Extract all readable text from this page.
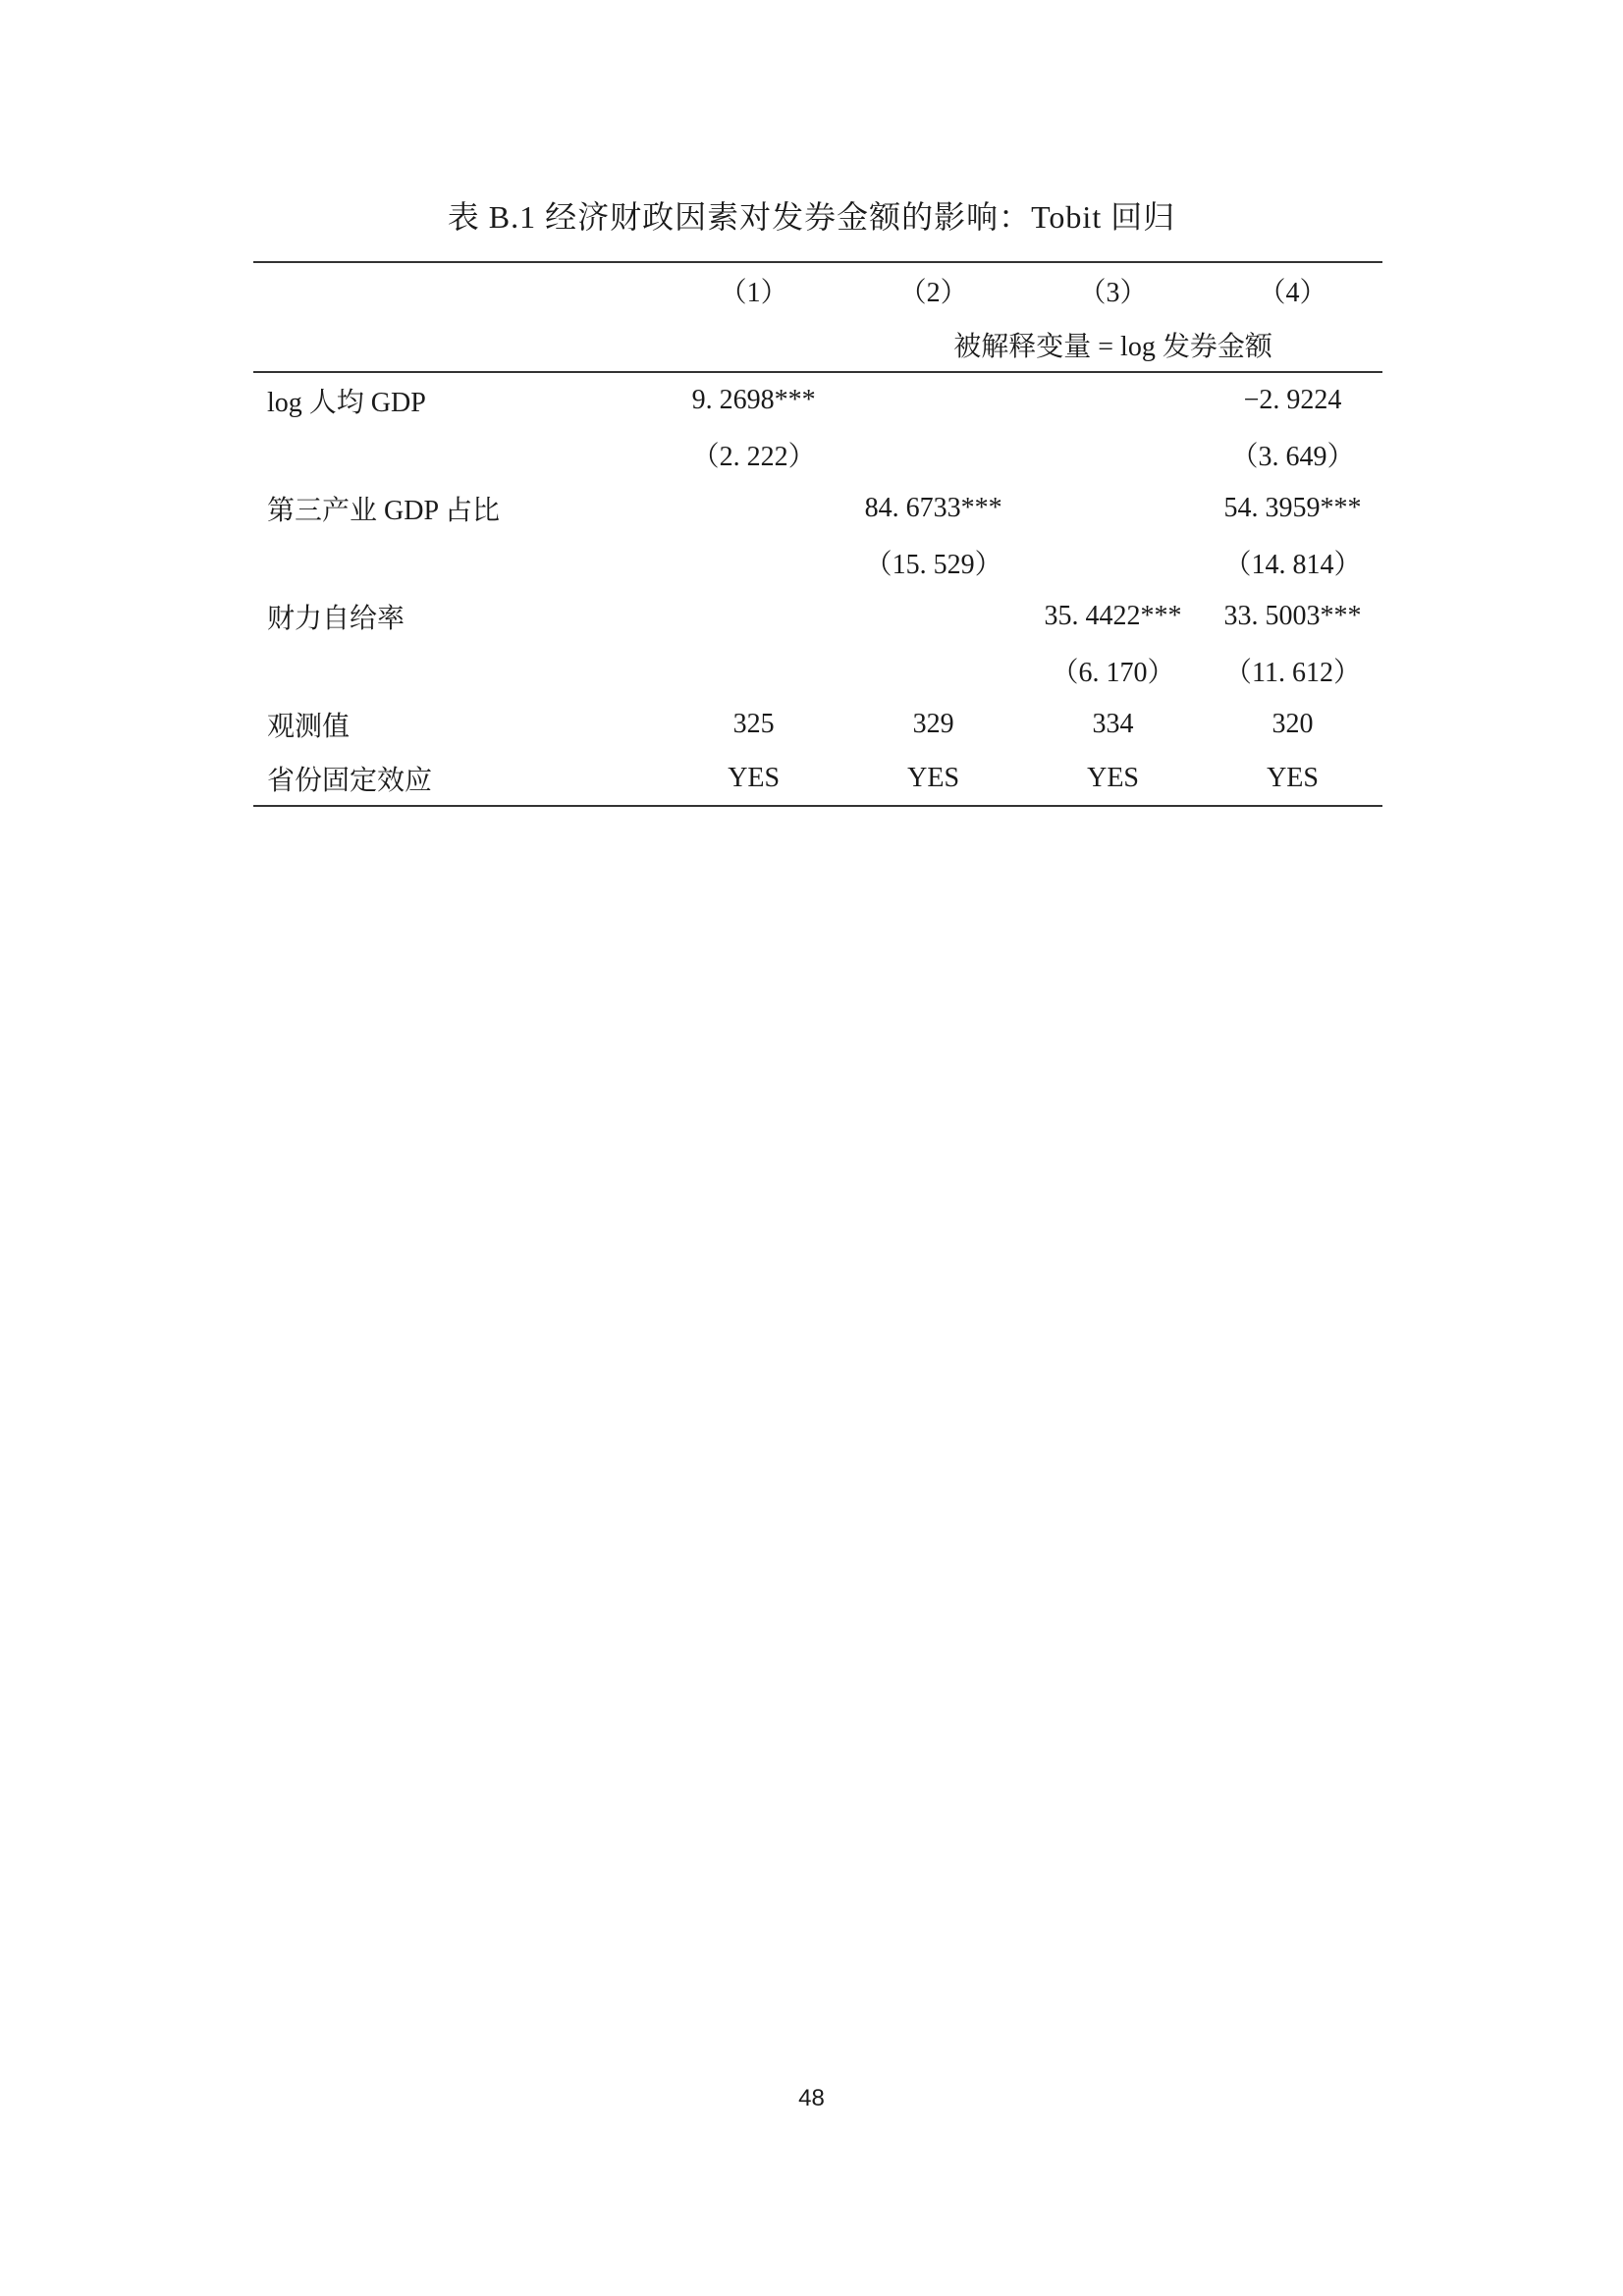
表 B.1 经济财政因素对发券金额的影响：Tobit 回归
	（1）	（2）	（3）	（4）
		被解释变量 = log 发券金额		
log 人均 GDP	9. 2698***			−2. 9224
	（2. 222）			（3. 649）
第三产业 GDP 占比		84. 6733***		54. 3959***
		（15. 529）		（14. 814）
财力自给率			35. 4422***	33. 5003***
			（6. 170）	（11. 612）
观测值	325	329	334	320
省份固定效应	YES	YES	YES	YES
48
